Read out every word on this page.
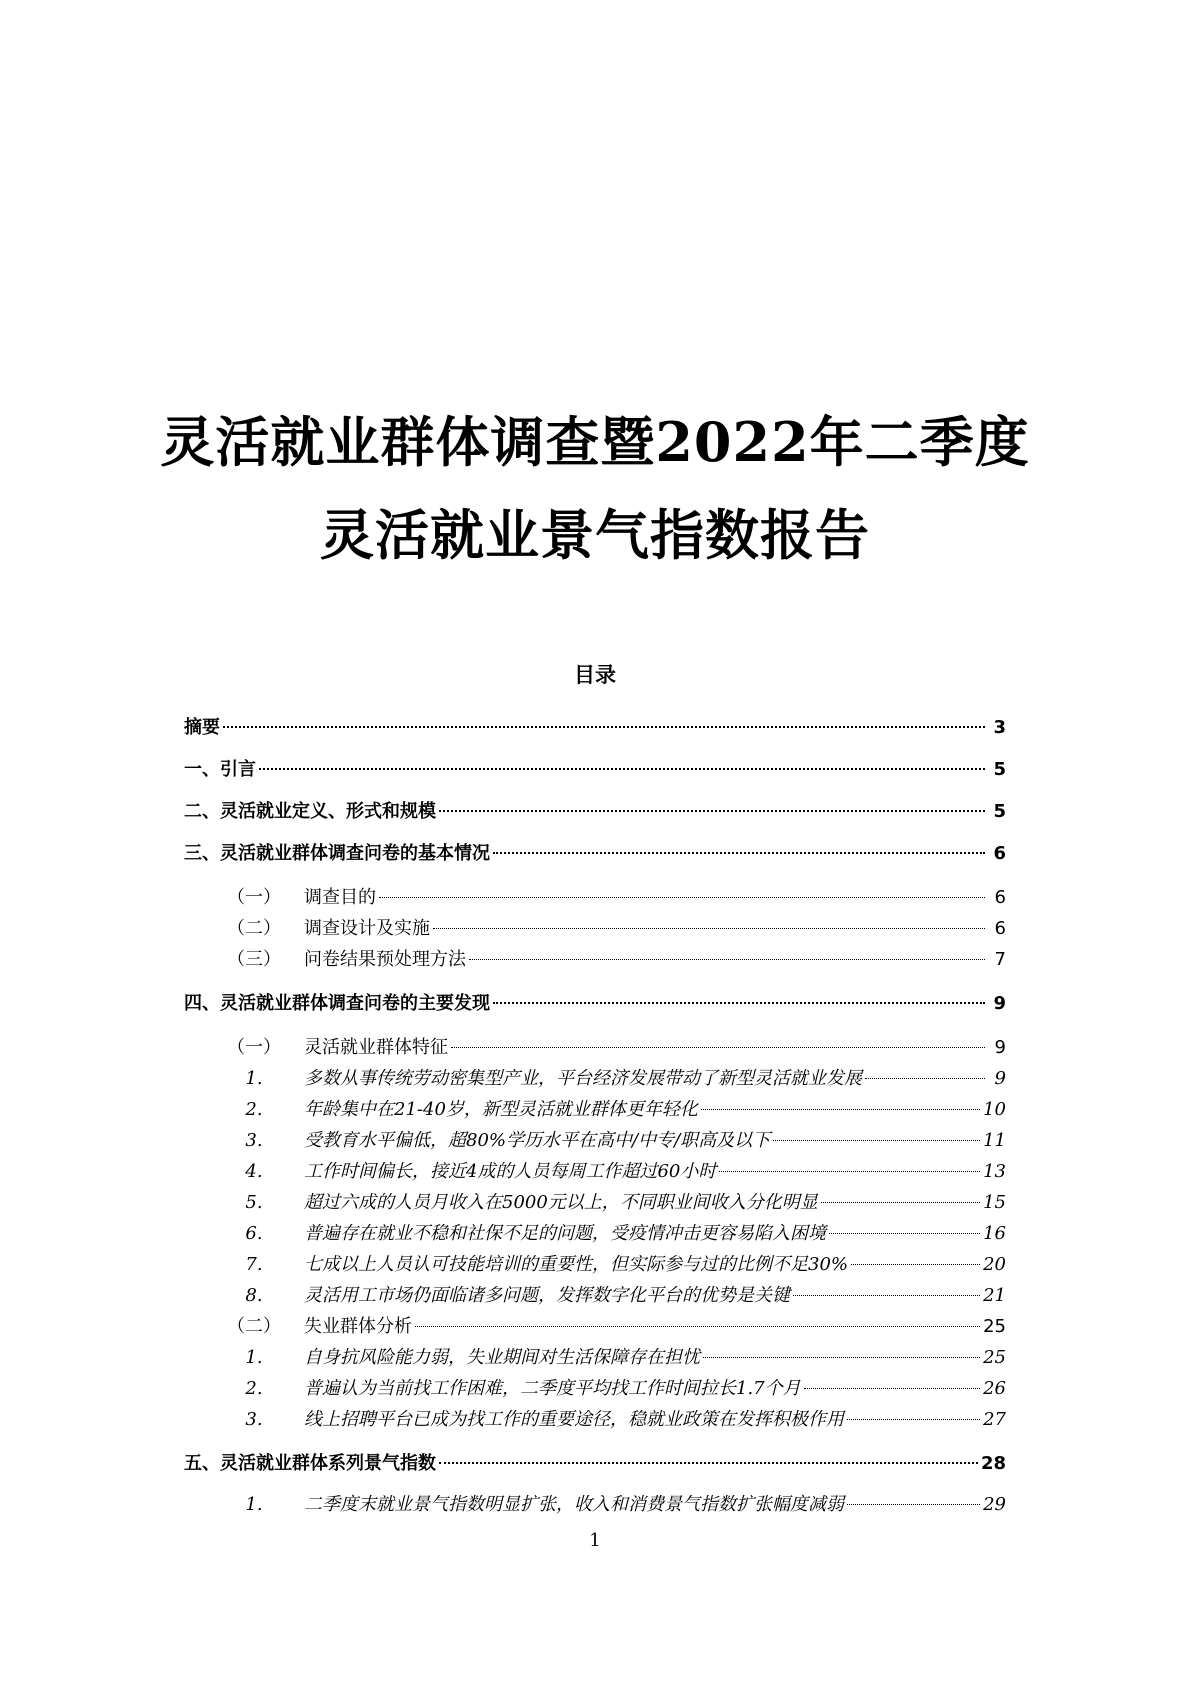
灵活就业群体调查暨2022年二季度
灵活就业景气指数报告
目录
摘要	3
一、引言	5
二、灵活就业定义、形式和规模	5
三、灵活就业群体调查问卷的基本情况	6
（一）	调查目的	6
（二）	调查设计及实施	6
（三）	问卷结果预处理方法	7
四、灵活就业群体调查问卷的主要发现	9
（一）	灵活就业群体特征	9
1.	多数从事传统劳动密集型产业，平台经济发展带动了新型灵活就业发展	9
2.	年龄集中在21-40岁，新型灵活就业群体更年轻化	10
3.	受教育水平偏低，超80%学历水平在高中/中专/职高及以下	11
4.	工作时间偏长，接近4成的人员每周工作超过60小时	13
5.	超过六成的人员月收入在5000元以上，不同职业间收入分化明显	15
6.	普遍存在就业不稳和社保不足的问题，受疫情冲击更容易陷入困境	16
7.	七成以上人员认可技能培训的重要性，但实际参与过的比例不足30%	20
8.	灵活用工市场仍面临诸多问题，发挥数字化平台的优势是关键	21
（二）	失业群体分析	25
1.	自身抗风险能力弱，失业期间对生活保障存在担忧	25
2.	普遍认为当前找工作困难，二季度平均找工作时间拉长1.7个月	26
3.	线上招聘平台已成为找工作的重要途径，稳就业政策在发挥积极作用	27
五、灵活就业群体系列景气指数	28
1.	二季度末就业景气指数明显扩张，收入和消费景气指数扩张幅度减弱	29
1
